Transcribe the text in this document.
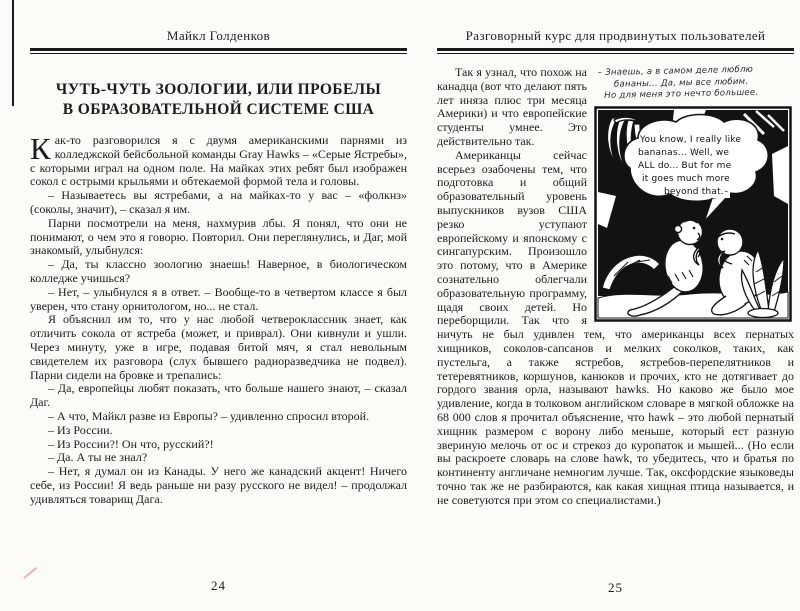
Майкл Голденков
ЧУТЬ-ЧУТЬ ЗООЛОГИИ, ИЛИ ПРОБЕЛЫ
В ОБРАЗОВАТЕЛЬНОЙ СИСТЕМЕ США

Как-то разговорился я с двумя американскими парнями из колледжской бейсбольной команды Gray Hawks – «Серые Ястребы», с которыми играл на одном поле. На майках этих ребят был изображен сокол с острыми крыльями и обтекаемой формой тела и головы.

– Называетесь вы ястребами, а на майках-то у вас – «фолкнз» (соколы, значит), – сказал я им.

Парни посмотрели на меня, нахмурив лбы. Я понял, что они не понимают, о чем это я говорю. Повторил. Они переглянулись, и Даг, мой знакомый, улыбнулся:

– Да, ты классно зоологию знаешь! Наверное, в биологическом колледже учишься?

– Нет, – улыбнулся я в ответ. – Вообще-то в четвертом классе я был уверен, что стану орнитологом, но... не стал.

Я объяснил им то, что у нас любой четвероклассник знает, как отличить сокола от ястреба (может, и приврал). Они кивнули и ушли. Через минуту, уже в игре, подавая битой мяч, я стал невольным свидетелем их разговора (слух бывшего радиоразведчика не подвел). Парни сидели на бровке и трепались:

– Да, европейцы любят показать, что больше нашего знают, – сказал Даг.

– А что, Майкл разве из Европы? – удивленно спросил второй.

– Из России.

– Из России?! Он что, русский?!

– Да. А ты не знал?

– Нет, я думал он из Канады. У него же канадский акцент! Ничего себе, из России! Я ведь раньше ни разу русского не видел! – продолжал удивляться товарищ Дага.

24
Разговорный курс для продвинутых пользователей
– Знаешь, а в самом деле люблю
бананы... Да, мы все любим.
Но для меня это нечто большее.
You know, I really like
bananas... Well, we
ALL do... But for me
it goes much more
beyond that.

Так я узнал, что похож на канадца (вот что делают пять лет иняза плюс три месяца Америки) и что европейские студенты умнее. Это действительно так.

Американцы сейчас всерьез озабочены тем, что подготовка и общий образовательный уровень выпускников вузов США резко уступают европейскому и японскому с сингапурским. Произошло это потому, что в Америке сознательно облегчали образовательную программу, щадя своих детей. Но переборщили. Так что я ничуть не был удивлен тем, что американцы всех пернатых хищников, соколов-сапсанов и мелких соколков, таких, как пустельга, а также ястребов, ястребов-перепелятников и тетеревятников, коршунов, канюков и прочих, кто не дотягивает до гордого звания орла, называют hawks. Но каково же было мое удивление, когда в толковом английском словаре в мягкой обложке на 68 000 слов я прочитал объяснение, что hawk – это любой пернатый хищник размером с ворону либо меньше, который ест разную звериную мелочь от ос и стрекоз до куропаток и мышей... (Но если вы раскроете словарь на слове hawk, то убедитесь, что и братья по континенту англичане немногим лучше. Так, оксфордские языковеды точно так же не разбираются, как какая хищная птица называется, и не советуются при этом со специалистами.)

25
